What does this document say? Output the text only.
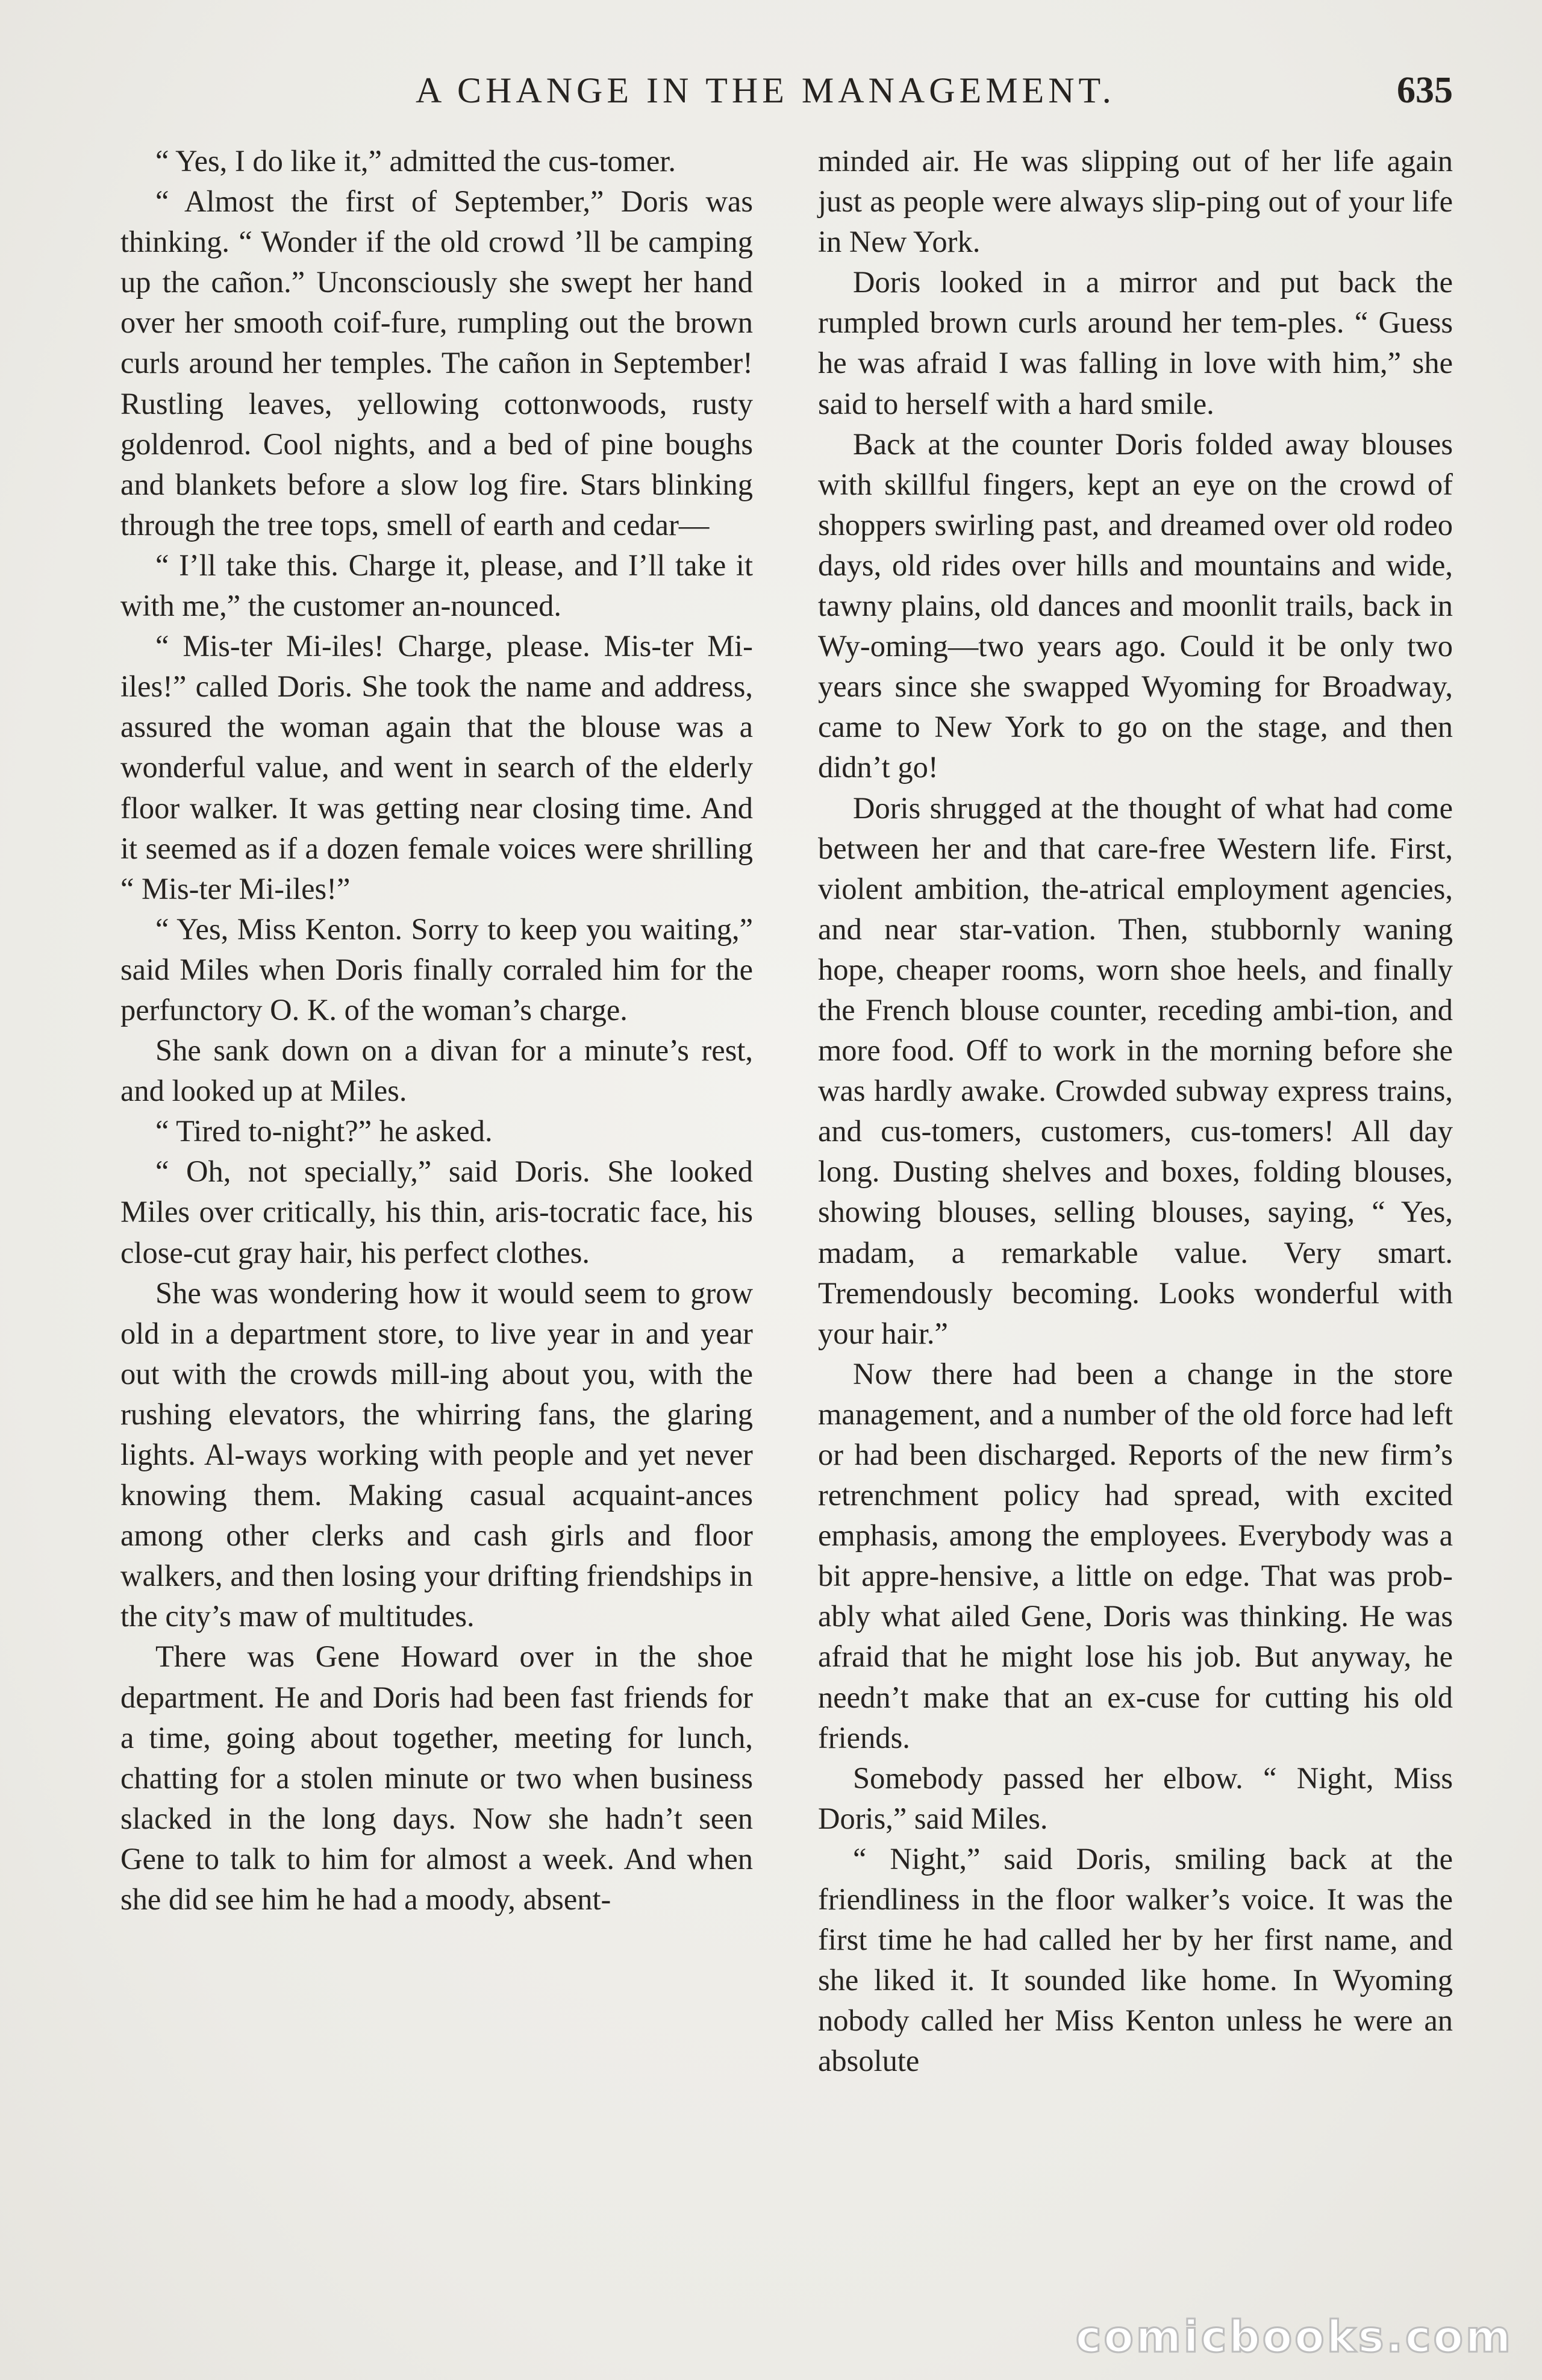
A CHANGE IN THE MANAGEMENT.	635

“ Yes, I do like it,” admitted the cus-tomer.

“ Almost the first of September,” Doris was thinking. “ Wonder if the old crowd ’ll be camping up the cañon.” Unconsciously she swept her hand over her smooth coif-fure, rumpling out the brown curls around her temples. The cañon in September! Rustling leaves, yellowing cottonwoods, rusty goldenrod. Cool nights, and a bed of pine boughs and blankets before a slow log fire. Stars blinking through the tree tops, smell of earth and cedar—

“ I’ll take this. Charge it, please, and I’ll take it with me,” the customer an-nounced.

“ Mis-ter Mi-iles! Charge, please. Mis-ter Mi-iles!” called Doris. She took the name and address, assured the woman again that the blouse was a wonderful value, and went in search of the elderly floor walker. It was getting near closing time. And it seemed as if a dozen female voices were shrilling “ Mis-ter Mi-iles!”

“ Yes, Miss Kenton. Sorry to keep you waiting,” said Miles when Doris finally corraled him for the perfunctory O. K. of the woman’s charge.

She sank down on a divan for a minute’s rest, and looked up at Miles.

“ Tired to-night?” he asked.

“ Oh, not specially,” said Doris. She looked Miles over critically, his thin, aris-tocratic face, his close-cut gray hair, his perfect clothes.

She was wondering how it would seem to grow old in a department store, to live year in and year out with the crowds mill-ing about you, with the rushing elevators, the whirring fans, the glaring lights. Al-ways working with people and yet never knowing them. Making casual acquaint-ances among other clerks and cash girls and floor walkers, and then losing your drifting friendships in the city’s maw of multitudes.

There was Gene Howard over in the shoe department. He and Doris had been fast friends for a time, going about together, meeting for lunch, chatting for a stolen minute or two when business slacked in the long days. Now she hadn’t seen Gene to talk to him for almost a week. And when she did see him he had a moody, absent-

minded air. He was slipping out of her life again just as people were always slip-ping out of your life in New York.

Doris looked in a mirror and put back the rumpled brown curls around her tem-ples. “ Guess he was afraid I was falling in love with him,” she said to herself with a hard smile.

Back at the counter Doris folded away blouses with skillful fingers, kept an eye on the crowd of shoppers swirling past, and dreamed over old rodeo days, old rides over hills and mountains and wide, tawny plains, old dances and moonlit trails, back in Wy-oming—two years ago. Could it be only two years since she swapped Wyoming for Broadway, came to New York to go on the stage, and then didn’t go!

Doris shrugged at the thought of what had come between her and that care-free Western life. First, violent ambition, the-atrical employment agencies, and near star-vation. Then, stubbornly waning hope, cheaper rooms, worn shoe heels, and finally the French blouse counter, receding ambi-tion, and more food. Off to work in the morning before she was hardly awake. Crowded subway express trains, and cus-tomers, customers, cus-tomers! All day long. Dusting shelves and boxes, folding blouses, showing blouses, selling blouses, saying, “ Yes, madam, a remarkable value. Very smart. Tremendously becoming. Looks wonderful with your hair.”

Now there had been a change in the store management, and a number of the old force had left or had been discharged. Reports of the new firm’s retrenchment policy had spread, with excited emphasis, among the employees. Everybody was a bit appre-hensive, a little on edge. That was prob-ably what ailed Gene, Doris was thinking. He was afraid that he might lose his job. But anyway, he needn’t make that an ex-cuse for cutting his old friends.

Somebody passed her elbow. “ Night, Miss Doris,” said Miles.

“ Night,” said Doris, smiling back at the friendliness in the floor walker’s voice. It was the first time he had called her by her first name, and she liked it. It sounded like home. In Wyoming nobody called her Miss Kenton unless he were an absolute

comicbooks.com
